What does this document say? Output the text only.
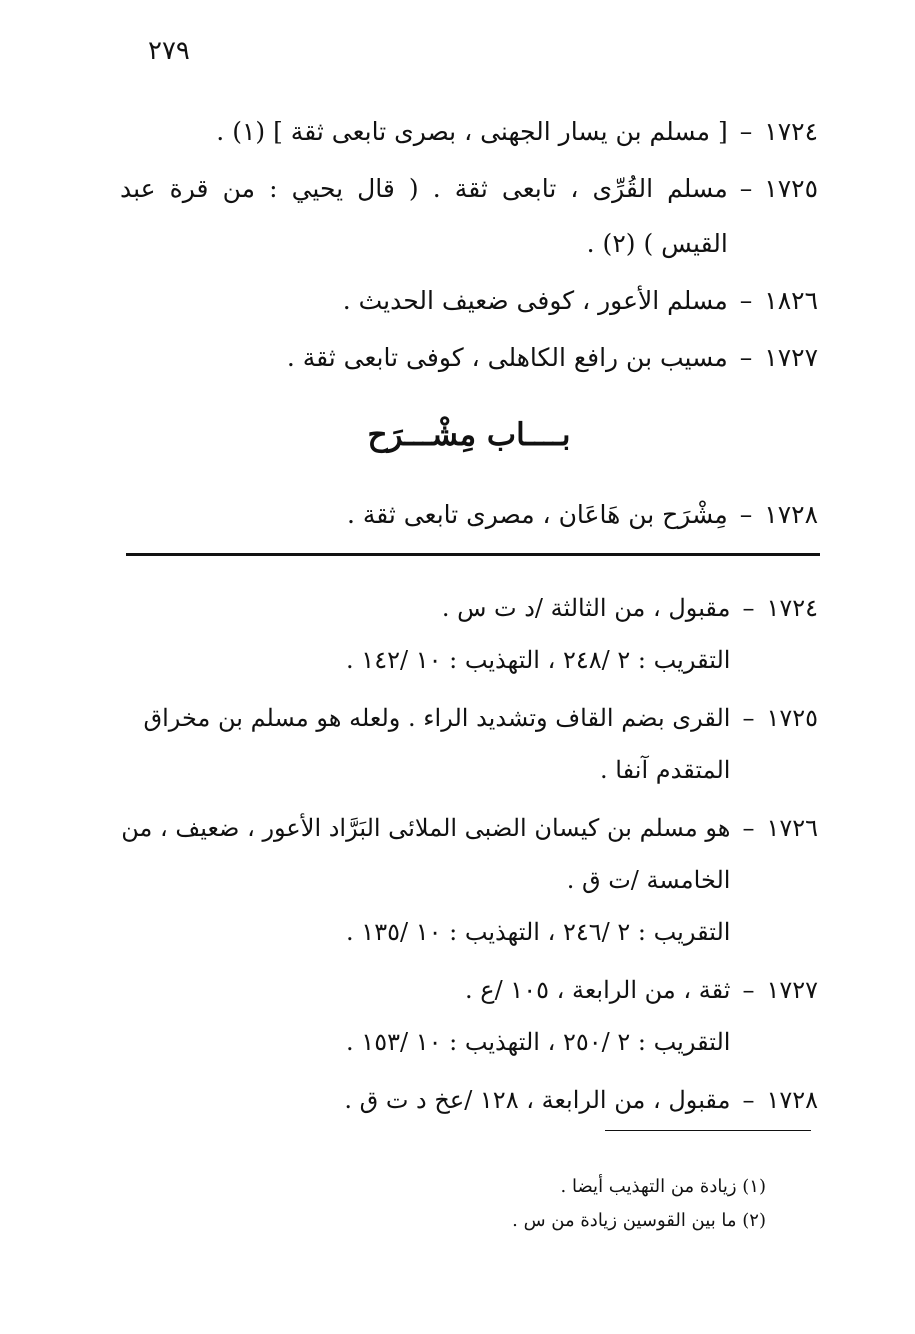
٢٧٩
١٧٢٤
–
[ مسلم بن يسار الجهنى ، بصرى تابعى ثقة ] (١) .
١٧٢٥
–
مسلم القُرِّى ، تابعى ثقة . ( قال يحيي : من قرة عبد القيس ) (٢) .
١٨٢٦
–
مسلم الأعور ، كوفى ضعيف الحديث .
١٧٢٧
–
مسيب بن رافع الكاهلى ، كوفى تابعى ثقة .
بــــاب مِشْـــرَح
١٧٢٨
–
مِشْرَح بن هَاعَان ، مصرى تابعى ثقة .
١٧٢٤
–
مقبول ، من الثالثة /د ت س .
التقريب : ٢ /٢٤٨ ، التهذيب : ١٠ /١٤٢ .
١٧٢٥
–
القرى بضم القاف وتشديد الراء . ولعله هو مسلم بن مخراق المتقدم آنفا .
١٧٢٦
–
هو مسلم بن كيسان الضبى الملائى البَرَّاد الأعور ، ضعيف ، من الخامسة /ت ق .
التقريب : ٢ /٢٤٦ ، التهذيب : ١٠ /١٣٥ .
١٧٢٧
–
ثقة ، من الرابعة ، ١٠٥ /ع .
التقريب : ٢ /٢٥٠ ، التهذيب : ١٠ /١٥٣ .
١٧٢٨
–
مقبول ، من الرابعة ، ١٢٨ /عخ د ت ق .
(١) زيادة من التهذيب أيضا .
(٢) ما بين القوسين زيادة من س .
